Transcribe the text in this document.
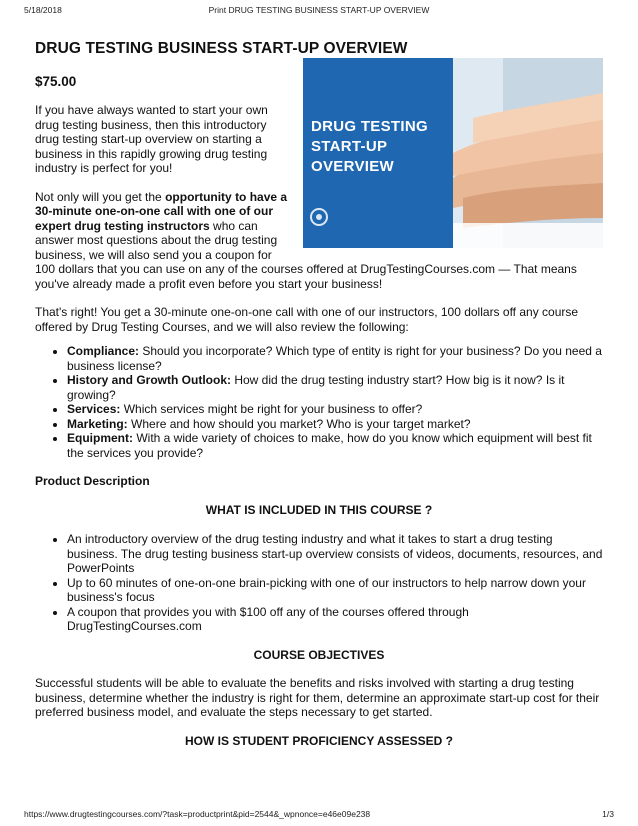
5/18/2018	Print DRUG TESTING BUSINESS START-UP OVERVIEW
DRUG TESTING BUSINESS START-UP OVERVIEW
DRUG TESTING
START-UP
OVERVIEW
$75.00

If you have always wanted to start your own drug testing business, then this introductory drug testing start-up overview on starting a business in this rapidly growing drug testing industry is perfect for you!

Not only will you get the opportunity to have a 30-minute one-on-one call with one of our expert drug testing instructors who can answer most questions about the drug testing business, we will also send you a coupon for 100 dollars that you can use on any of the courses offered at DrugTestingCourses.com — That means you've already made a profit even before you start your business!

That's right! You get a 30-minute one-on-one call with one of our instructors, 100 dollars off any course offered by Drug Testing Courses, and we will also review the following:

• Compliance: Should you incorporate? Which type of entity is right for your business? Do you need a business license?
• History and Growth Outlook: How did the drug testing industry start? How big is it now? Is it growing?
• Services: Which services might be right for your business to offer?
• Marketing: Where and how should you market? Who is your target market?
• Equipment: With a wide variety of choices to make, how do you know which equipment will best fit the services you provide?

Product Description

WHAT IS INCLUDED IN THIS COURSE ?

• An introductory overview of the drug testing industry and what it takes to start a drug testing business. The drug testing business start-up overview consists of videos, documents, resources, and PowerPoints
• Up to 60 minutes of one-on-one brain-picking with one of our instructors to help narrow down your business's focus
• A coupon that provides you with $100 off any of the courses offered through DrugTestingCourses.com

COURSE OBJECTIVES

Successful students will be able to evaluate the benefits and risks involved with starting a drug testing business, determine whether the industry is right for them, determine an approximate start-up cost for their preferred business model, and evaluate the steps necessary to get started.

HOW IS STUDENT PROFICIENCY ASSESSED ?

https://www.drugtestingcourses.com/?task=productprint&pid=2544&_wpnonce=e46e09e238	1/3
